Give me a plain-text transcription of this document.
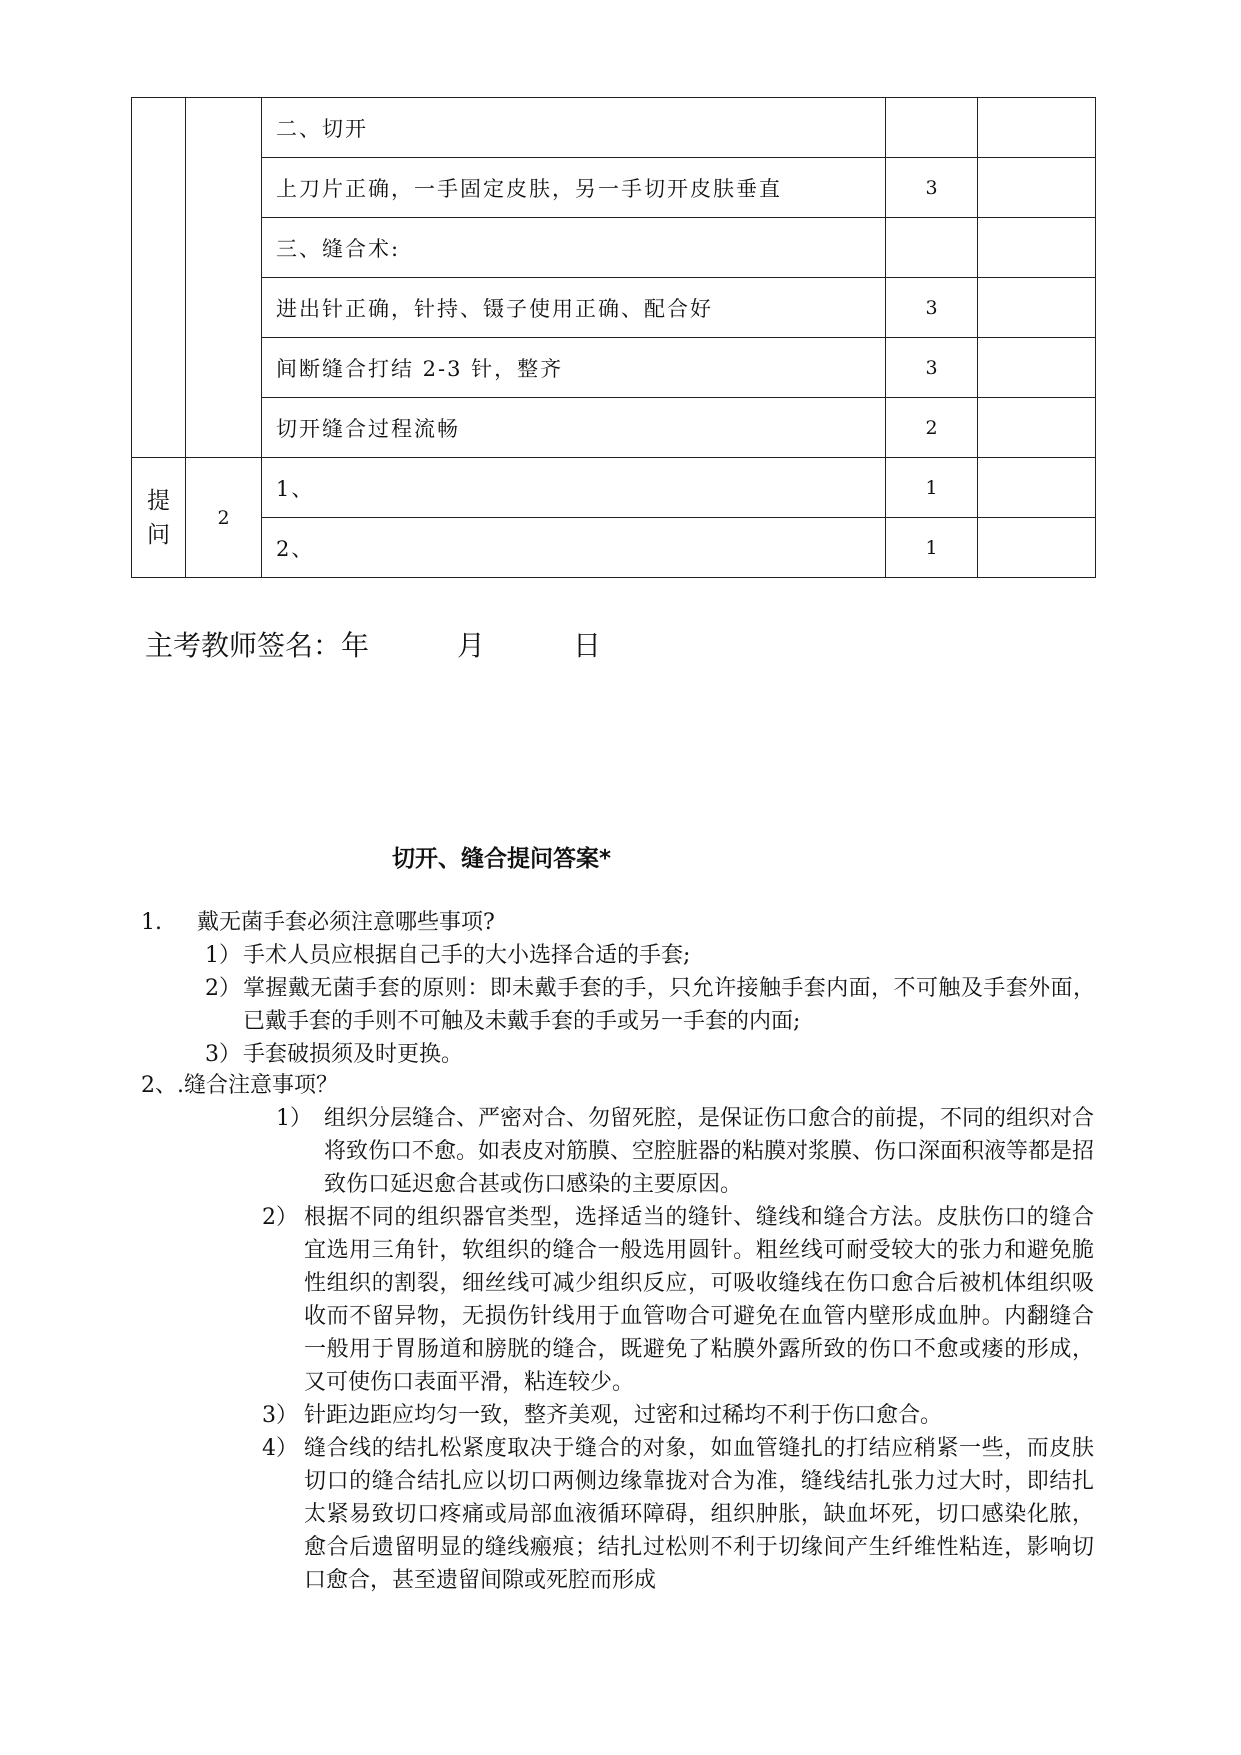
		二、切开		
		上刀片正确，一手固定皮肤，另一手切开皮肤垂直	3	
		三、缝合术:		
		进出针正确，针持、镊子使用正确、配合好	3	
		间断缝合打结 2-3 针，整齐	3	
		切开缝合过程流畅	2	

提
问	2	1、	1	
		2、	1	
主考教师签名：年	月	日
切开、缝合提问答案*
1. 戴无菌手套必须注意哪些事项?
1） 手术人员应根据自己手的大小选择合适的手套;
2） 掌握戴无菌手套的原则：即未戴手套的手，只允许接触手套内面，不可触及手套外面，已戴手套的手则不可触及未戴手套的手或另一手套的内面;
3） 手套破损须及时更换。
2、.缝合注意事项？
1） 组织分层缝合、严密对合、勿留死腔，是保证伤口愈合的前提，不同的组织对合将致伤口不愈。如表皮对筋膜、空腔脏器的粘膜对浆膜、伤口深面积液等都是招致伤口延迟愈合甚或伤口感染的主要原因。
2） 根据不同的组织器官类型，选择适当的缝针、缝线和缝合方法。皮肤伤口的缝合宜选用三角针，软组织的缝合一般选用圆针。粗丝线可耐受较大的张力和避免脆性组织的割裂，细丝线可减少组织反应，可吸收缝线在伤口愈合后被机体组织吸收而不留异物，无损伤针线用于血管吻合可避免在血管内壁形成血肿。内翻缝合一般用于胃肠道和膀胱的缝合，既避免了粘膜外露所致的伤口不愈或瘘的形成，又可使伤口表面平滑，粘连较少。
3） 针距边距应均匀一致，整齐美观，过密和过稀均不利于伤口愈合。
4） 缝合线的结扎松紧度取决于缝合的对象，如血管缝扎的打结应稍紧一些，而皮肤切口的缝合结扎应以切口两侧边缘靠拢对合为准，缝线结扎张力过大时，即结扎太紧易致切口疼痛或局部血液循环障碍，组织肿胀，缺血坏死，切口感染化脓，愈合后遗留明显的缝线瘢痕；结扎过松则不利于切缘间产生纤维性粘连，影响切口愈合，甚至遗留间隙或死腔而形成
